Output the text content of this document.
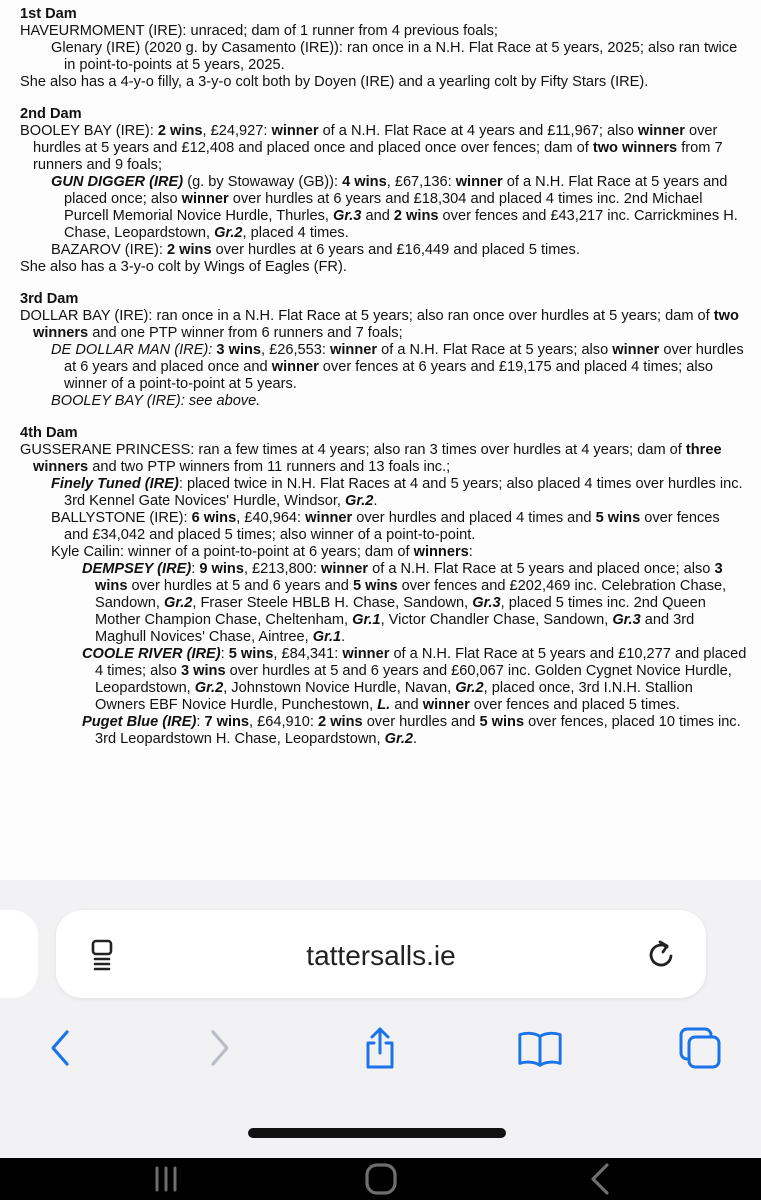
1st Dam
HAVEURMOMENT (IRE): unraced; dam of 1 runner from 4 previous foals;
Glenary (IRE) (2020 g. by Casamento (IRE)): ran once in a N.H. Flat Race at 5 years, 2025; also ran twice in point-to-points at 5 years, 2025.
She also has a 4-y-o filly, a 3-y-o colt both by Doyen (IRE) and a yearling colt by Fifty Stars (IRE).
2nd Dam
BOOLEY BAY (IRE): 2 wins, £24,927: winner of a N.H. Flat Race at 4 years and £11,967; also winner over hurdles at 5 years and £12,408 and placed once and placed once over fences; dam of two winners from 7 runners and 9 foals;
GUN DIGGER (IRE) (g. by Stowaway (GB)): 4 wins, £67,136: winner of a N.H. Flat Race at 5 years and placed once; also winner over hurdles at 6 years and £18,304 and placed 4 times inc. 2nd Michael Purcell Memorial Novice Hurdle, Thurles, Gr.3 and 2 wins over fences and £43,217 inc. Carrickmines H. Chase, Leopardstown, Gr.2, placed 4 times.
BAZAROV (IRE): 2 wins over hurdles at 6 years and £16,449 and placed 5 times.
She also has a 3-y-o colt by Wings of Eagles (FR).
3rd Dam
DOLLAR BAY (IRE): ran once in a N.H. Flat Race at 5 years; also ran once over hurdles at 5 years; dam of two winners and one PTP winner from 6 runners and 7 foals;
DE DOLLAR MAN (IRE): 3 wins, £26,553: winner of a N.H. Flat Race at 5 years; also winner over hurdles at 6 years and placed once and winner over fences at 6 years and £19,175 and placed 4 times; also winner of a point-to-point at 5 years.
BOOLEY BAY (IRE): see above.
4th Dam
GUSSERANE PRINCESS: ran a few times at 4 years; also ran 3 times over hurdles at 4 years; dam of three winners and two PTP winners from 11 runners and 13 foals inc.;
Finely Tuned (IRE): placed twice in N.H. Flat Races at 4 and 5 years; also placed 4 times over hurdles inc. 3rd Kennel Gate Novices' Hurdle, Windsor, Gr.2.
BALLYSTONE (IRE): 6 wins, £40,964: winner over hurdles and placed 4 times and 5 wins over fences and £34,042 and placed 5 times; also winner of a point-to-point.
Kyle Cailin: winner of a point-to-point at 6 years; dam of winners:
DEMPSEY (IRE): 9 wins, £213,800: winner of a N.H. Flat Race at 5 years and placed once; also 3 wins over hurdles at 5 and 6 years and 5 wins over fences and £202,469 inc. Celebration Chase, Sandown, Gr.2, Fraser Steele HBLB H. Chase, Sandown, Gr.3, placed 5 times inc. 2nd Queen Mother Champion Chase, Cheltenham, Gr.1, Victor Chandler Chase, Sandown, Gr.3 and 3rd Maghull Novices' Chase, Aintree, Gr.1.
COOLE RIVER (IRE): 5 wins, £84,341: winner of a N.H. Flat Race at 5 years and £10,277 and placed 4 times; also 3 wins over hurdles at 5 and 6 years and £60,067 inc. Golden Cygnet Novice Hurdle, Leopardstown, Gr.2, Johnstown Novice Hurdle, Navan, Gr.2, placed once, 3rd I.N.H. Stallion Owners EBF Novice Hurdle, Punchestown, L. and winner over fences and placed 5 times.
Puget Blue (IRE): 7 wins, £64,910: 2 wins over hurdles and 5 wins over fences, placed 10 times inc. 3rd Leopardstown H. Chase, Leopardstown, Gr.2.
tattersalls.ie
